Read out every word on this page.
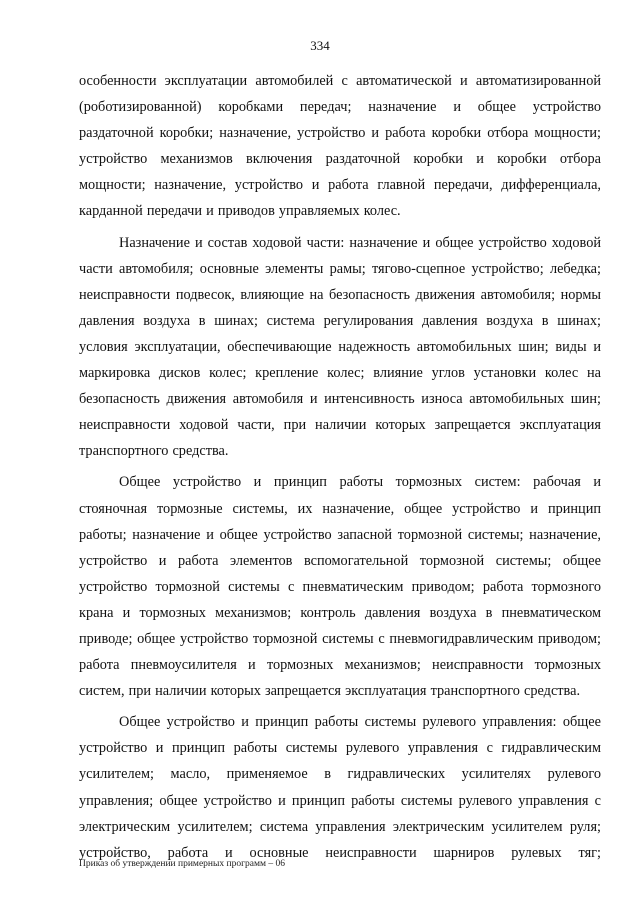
334

особенности эксплуатации автомобилей с автоматической и автоматизированной (роботизированной) коробками передач; назначение и общее устройство раздаточной коробки; назначение, устройство и работа коробки отбора мощности; устройство механизмов включения раздаточной коробки и коробки отбора мощности; назначение, устройство и работа главной передачи, дифференциала, карданной передачи и приводов управляемых колес.

Назначение и состав ходовой части: назначение и общее устройство ходовой части автомобиля; основные элементы рамы; тягово-сцепное устройство; лебедка; неисправности подвесок, влияющие на безопасность движения автомобиля; нормы давления воздуха в шинах; система регулирования давления воздуха в шинах; условия эксплуатации, обеспечивающие надежность автомобильных шин; виды и маркировка дисков колес; крепление колес; влияние углов установки колес на безопасность движения автомобиля и интенсивность износа автомобильных шин; неисправности ходовой части, при наличии которых запрещается эксплуатация транспортного средства.

Общее устройство и принцип работы тормозных систем: рабочая и стояночная тормозные системы, их назначение, общее устройство и принцип работы; назначение и общее устройство запасной тормозной системы; назначение, устройство и работа элементов вспомогательной тормозной системы; общее устройство тормозной системы с пневматическим приводом; работа тормозного крана и тормозных механизмов; контроль давления воздуха в пневматическом приводе; общее устройство тормозной системы с пневмогидравлическим приводом; работа пневмоусилителя и тормозных механизмов; неисправности тормозных систем, при наличии которых запрещается эксплуатация транспортного средства.

Общее устройство и принцип работы системы рулевого управления: общее устройство и принцип работы системы рулевого управления с гидравлическим усилителем; масло, применяемое в гидравлических усилителях рулевого управления; общее устройство и принцип работы системы рулевого управления с электрическим усилителем; система управления электрическим усилителем руля; устройство, работа и основные неисправности шарниров рулевых тяг;

Приказ об утверждении примерных программ – 06
